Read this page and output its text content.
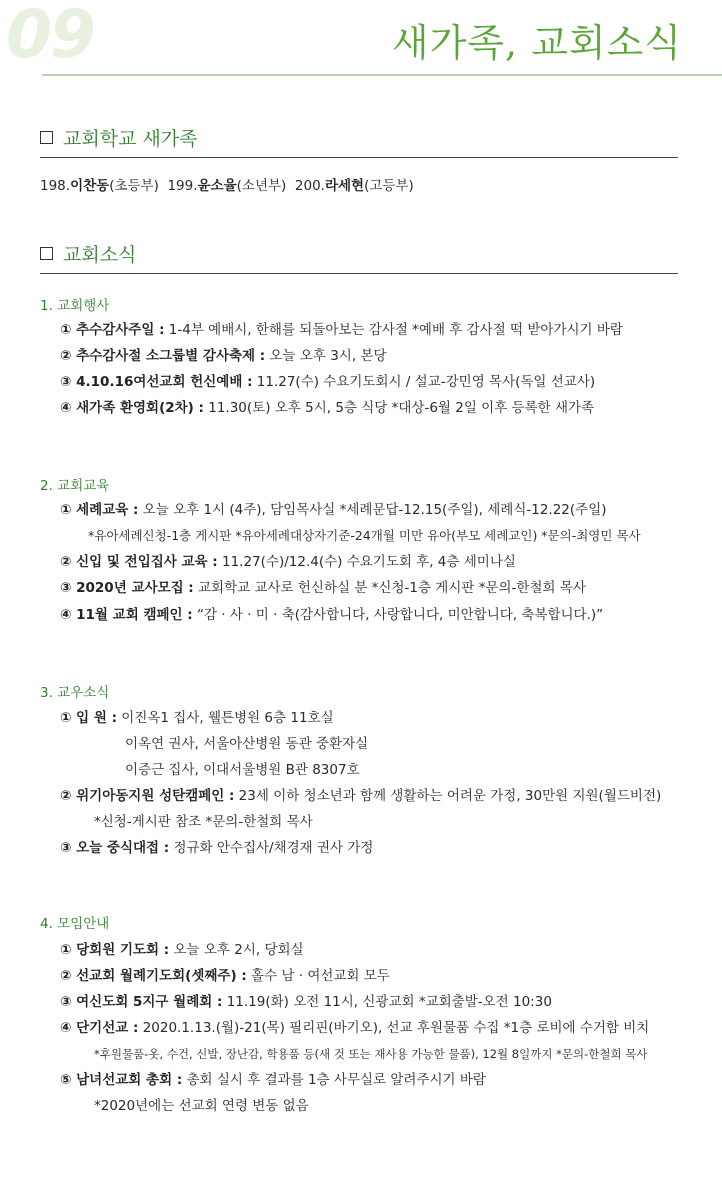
09	새가족, 교회소식
교회학교 새가족
198.이찬동(초등부) 199.윤소율(소년부) 200.라세현(고등부)
교회소식
1. 교회행사
① 추수감사주일 : 1-4부 예배시, 한해를 되돌아보는 감사절 *예배 후 감사절 떡 받아가시기 바람
② 추수감사절 소그룹별 감사축제 : 오늘 오후 3시, 본당
③ 4.10.16여선교회 헌신예배 : 11.27(수) 수요기도회시 / 설교-강민영 목사(독일 선교사)
④ 새가족 환영회(2차) : 11.30(토) 오후 5시, 5층 식당 *대상-6월 2일 이후 등록한 새가족
2. 교회교육
① 세례교육 : 오늘 오후 1시 (4주), 담임목사실 *세례문답-12.15(주일), 세례식-12.22(주일)
*유아세례신청-1층 게시판 *유아세례대상자기준-24개월 미만 유아(부모 세례교인) *문의-최영민 목사
② 신입 및 전입집사 교육 : 11.27(수)/12.4(수) 수요기도회 후, 4층 세미나실
③ 2020년 교사모집 : 교회학교 교사로 헌신하실 분 *신청-1층 게시판 *문의-한철희 목사
④ 11월 교회 캠페인 : “감 · 사 · 미 · 축(감사합니다, 사랑합니다, 미안합니다, 축복합니다.)”
3. 교우소식
① 입 원 : 이진옥1 집사, 웰튼병원 6층 11호실
이옥연 권사, 서울아산병원 동관 중환자실
이증근 집사, 이대서울병원 B관 8307호
② 위기아동지원 성탄캠페인 : 23세 이하 청소년과 함께 생활하는 어려운 가정, 30만원 지원(월드비전)
*신청-게시판 참조 *문의-한철희 목사
③ 오늘 중식대접 : 정규화 안수집사/채경재 권사 가정
4. 모임안내
① 당회원 기도회 : 오늘 오후 2시, 당회실
② 선교회 월례기도회(셋째주) : 홀수 남 · 여선교회 모두
③ 여신도회 5지구 월례회 : 11.19(화) 오전 11시, 신광교회 *교회출발-오전 10:30
④ 단기선교 : 2020.1.13.(월)-21(목) 필리핀(바기오), 선교 후원물품 수집 *1층 로비에 수거함 비치
*후원물품-옷, 수건, 신발, 장난감, 학용품 등(새 것 또는 재사용 가능한 물품), 12월 8일까지 *문의-한철희 목사
⑤ 남녀선교회 총회 : 총회 실시 후 결과를 1층 사무실로 알려주시기 바람
*2020년에는 선교회 연령 변동 없음
